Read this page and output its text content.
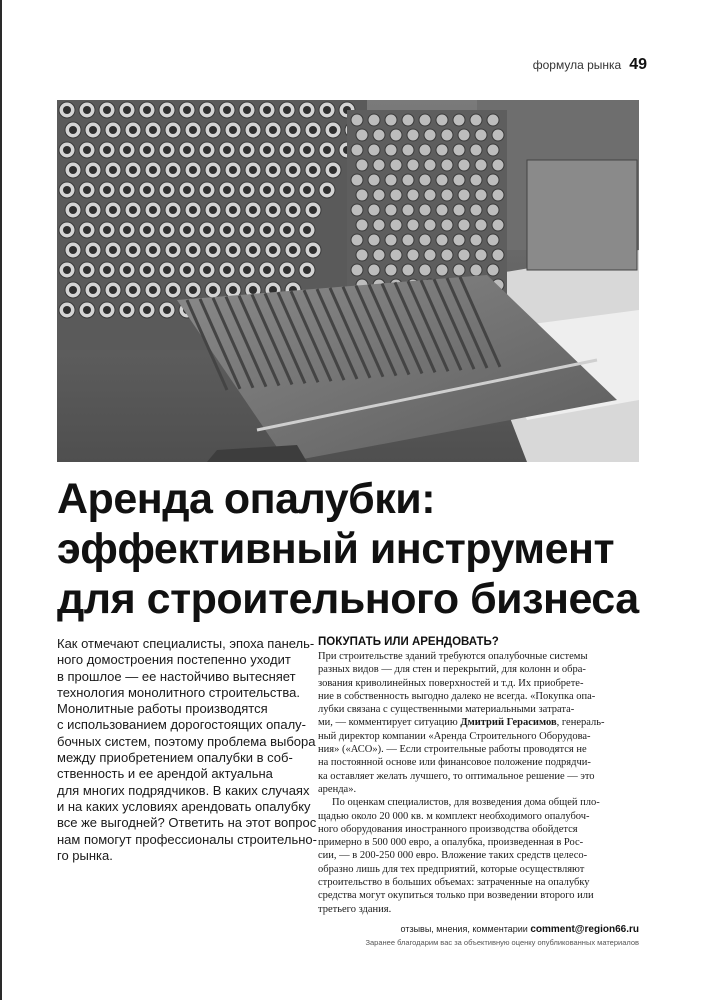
формула рынка 49
Аренда опалубки:
эффективный инструмент
для строительного бизнеса
Как отмечают специалисты, эпоха панель-
ного домостроения постепенно уходит
в прошлое — ее настойчиво вытесняет
технология монолитного строительства.
Монолитные работы производятся
с использованием дорогостоящих опалу-
бочных систем, поэтому проблема выбора
между приобретением опалубки в соб-
ственность и ее арендой актуальна
для многих подрядчиков. В каких случаях
и на каких условиях арендовать опалубку
все же выгодней? Ответить на этот вопрос
нам помогут профессионалы строительно-
го рынка.
ПОКУПАТЬ ИЛИ АРЕНДОВАТЬ?
При строительстве зданий требуются опалубочные системы
разных видов — для стен и перекрытий, для колонн и обра-
зования криволинейных поверхностей и т.д. Их приобрете-
ние в собственность выгодно далеко не всегда. «Покупка опа-
лубки связана с существенными материальными затрата-
ми, — комментирует ситуацию Дмитрий Герасимов, генераль-
ный директор компании «Аренда Строительного Оборудова-
ния» («АСО»). — Если строительные работы проводятся не
на постоянной основе или финансовое положение подрядчи-
ка оставляет желать лучшего, то оптимальное решение — это
аренда».
По оценкам специалистов, для возведения дома общей пло-
щадью около 20 000 кв. м комплект необходимого опалубоч-
ного оборудования иностранного производства обойдется
примерно в 500 000 евро, а опалубка, произведенная в Рос-
сии, — в 200-250 000 евро. Вложение таких средств целесо-
образно лишь для тех предприятий, которые осуществляют
строительство в больших объемах: затраченные на опалубку
средства могут окупиться только при возведении второго или
третьего здания.
отзывы, мнения, комментарии comment@region66.ru
Заранее благодарим вас за объективную оценку опубликованных материалов
